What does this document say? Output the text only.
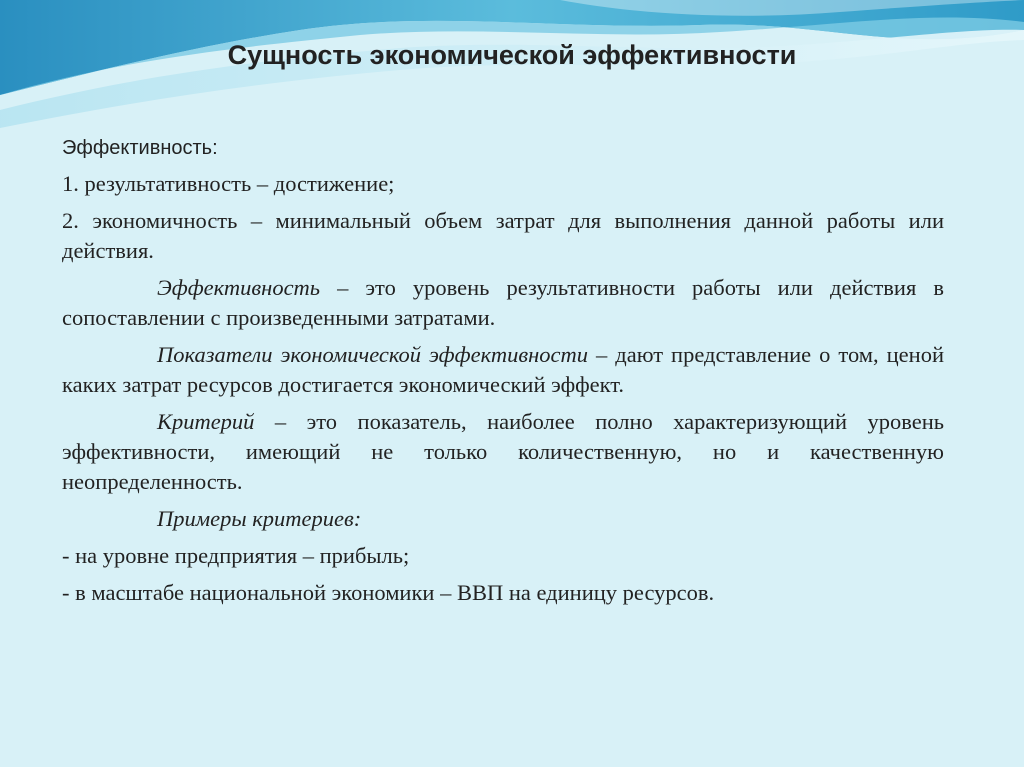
Сущность экономической эффективности

Эффективность:

1. результативность – достижение;

2. экономичность – минимальный объем затрат для выполнения данной работы или действия.

Эффективность – это уровень результативности работы или действия в сопоставлении с произведенными затратами.

Показатели экономической эффективности – дают представление о том, ценой каких затрат ресурсов достигается экономический эффект.

Критерий – это показатель, наиболее полно характеризующий уровень эффективности, имеющий не только количественную, но и качественную неопределенность.

Примеры критериев:

- на уровне предприятия – прибыль;

- в масштабе национальной экономики – ВВП на единицу ресурсов.
